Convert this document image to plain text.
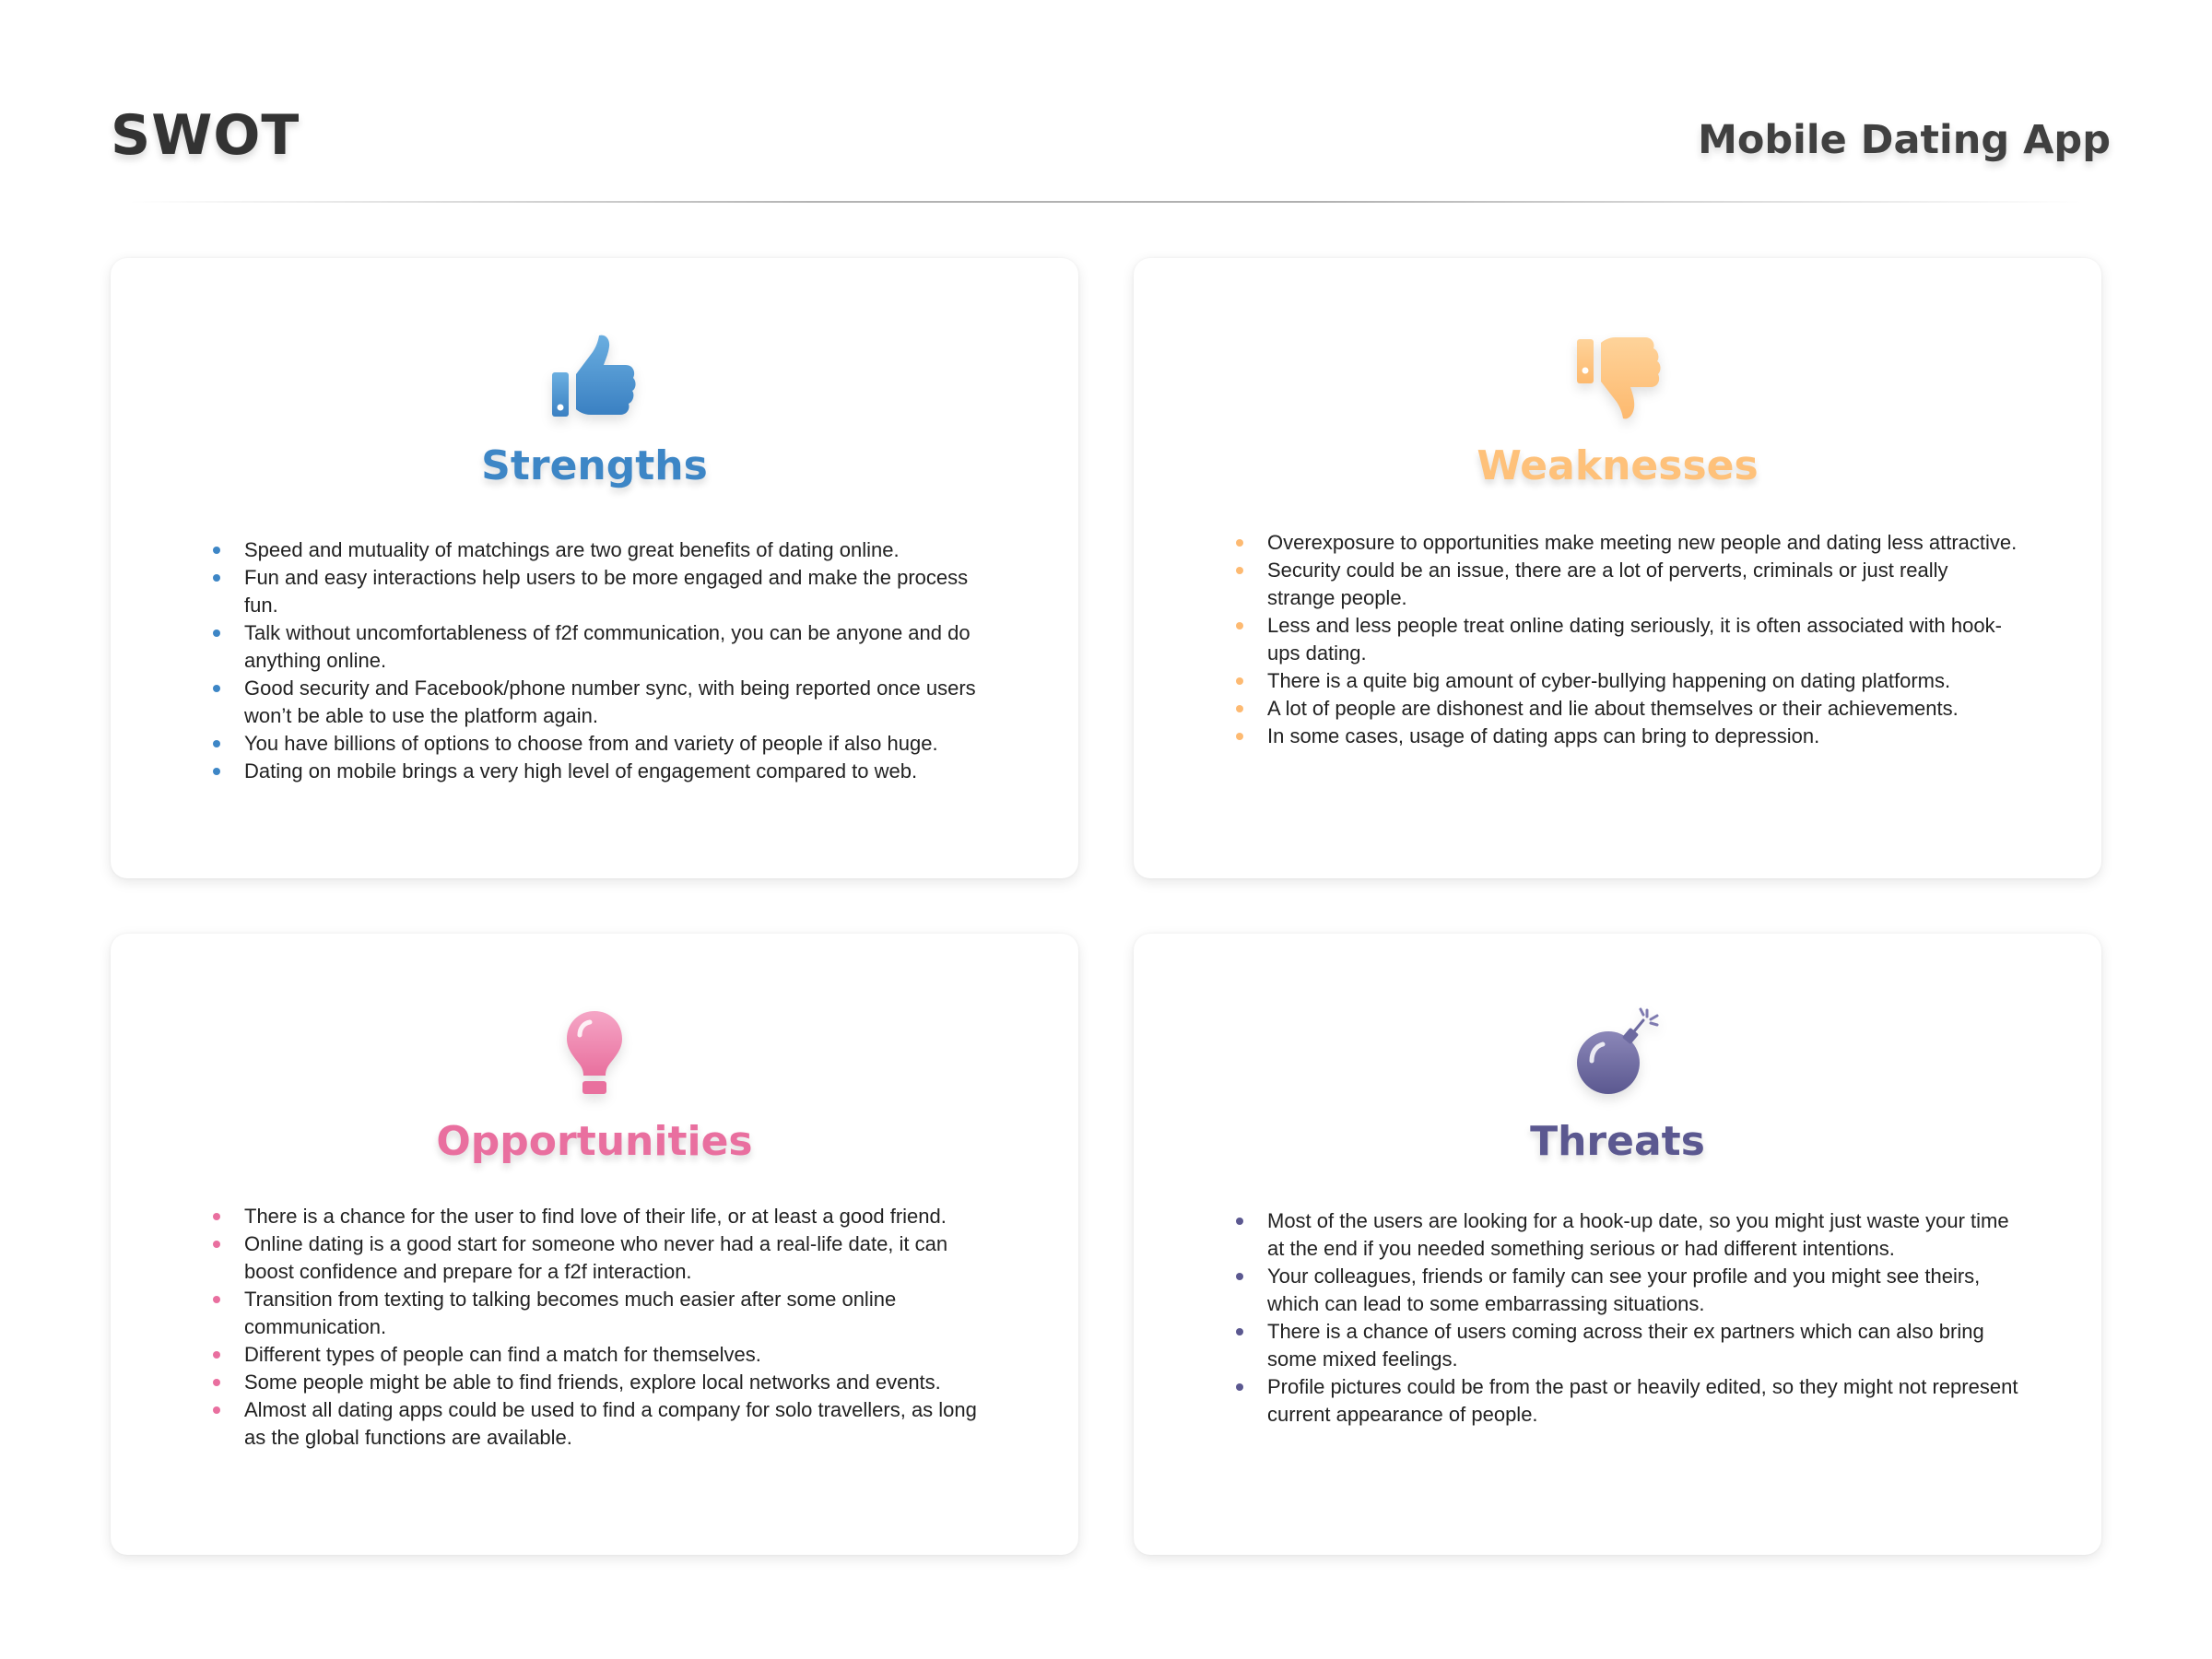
SWOT	Mobile Dating App
Strengths
Speed and mutuality of matchings are two great benefits of dating online.
Fun and easy interactions help users to be more engaged and make the process fun.
Talk without uncomfortableness of f2f communication, you can be anyone and do anything online.
Good security and Facebook/phone number sync, with being reported once users won’t be able to use the platform again.
You have billions of options to choose from and variety of people if also huge.
Dating on mobile brings a very high level of engagement compared to web.
Weaknesses
Overexposure to opportunities make meeting new people and dating less attractive.
Security could be an issue, there are a lot of perverts, criminals or just really strange people.
Less and less people treat online dating seriously, it is often associated with hook-ups dating.
There is a quite big amount of cyber-bullying happening on dating platforms.
A lot of people are dishonest and lie about themselves or their achievements.
In some cases, usage of dating apps can bring to depression.
Opportunities
There is a chance for the user to find love of their life, or at least a good friend.
Online dating is a good start for someone who never had a real-life date, it can boost confidence and prepare for a f2f interaction.
Transition from texting to talking becomes much easier after some online communication.
Different types of people can find a match for themselves.
Some people might be able to find friends, explore local networks and events.
Almost all dating apps could be used to find a company for solo travellers, as long as the global functions are available.
Threats
Most of the users are looking for a hook-up date, so you might just waste your time at the end if you needed something serious or had different intentions.
Your colleagues, friends or family can see your profile and you might see theirs, which can lead to some embarrassing situations.
There is a chance of users coming across their ex partners which can also bring some mixed feelings.
Profile pictures could be from the past or heavily edited, so they might not represent current appearance of people.
